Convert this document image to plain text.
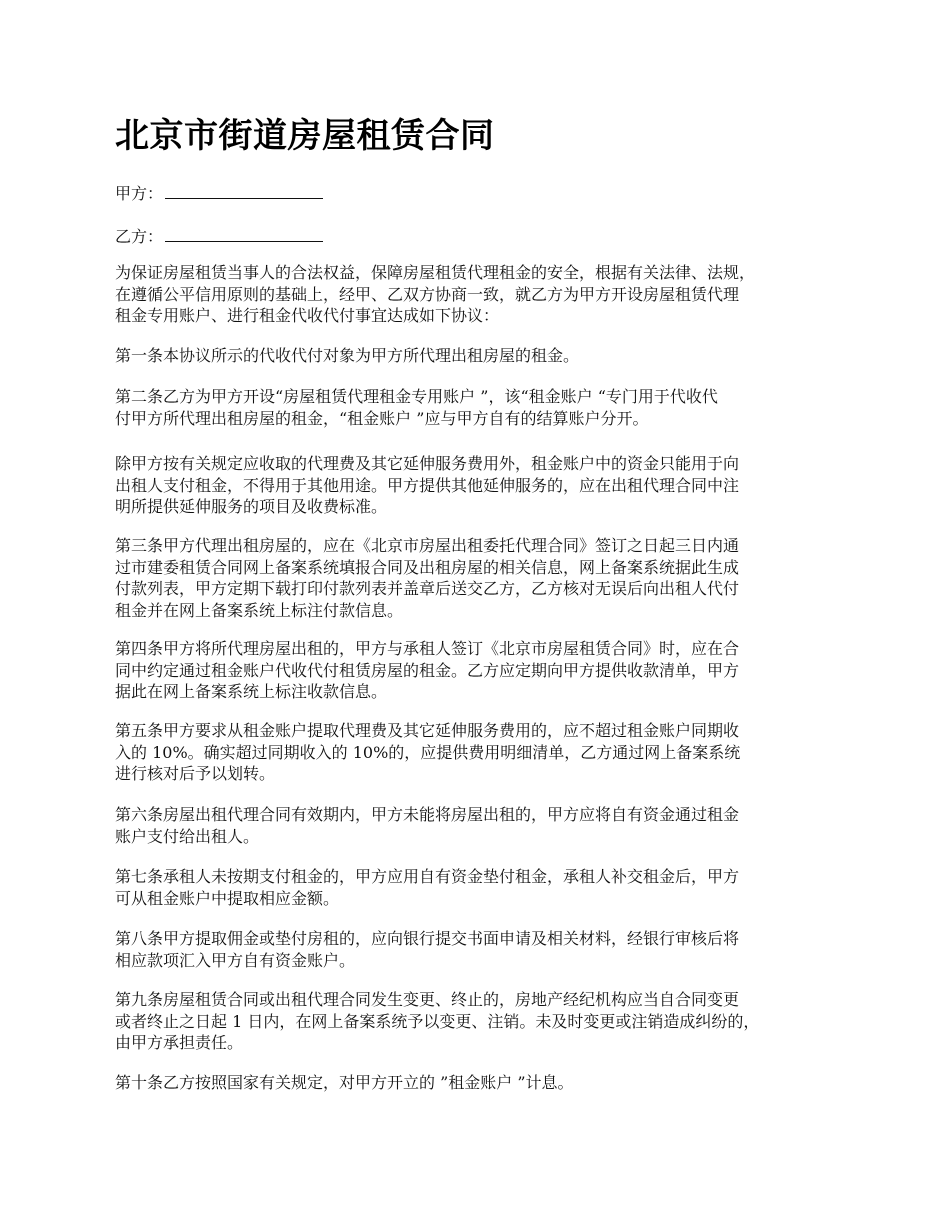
北京市街道房屋租赁合同
甲方：
乙方：
为保证房屋租赁当事人的合法权益，保障房屋租赁代理租金的安全，根据有关法律、法规，
在遵循公平信用原则的基础上，经甲、乙双方协商一致，就乙方为甲方开设房屋租赁代理
租金专用账户、进行租金代收代付事宜达成如下协议：
第一条本协议所示的代收代付对象为甲方所代理出租房屋的租金。
第二条乙方为甲方开设“房屋租赁代理租金专用账户 ”，该“租金账户 “专门用于代收代
付甲方所代理出租房屋的租金，“租金账户 ”应与甲方自有的结算账户分开。
除甲方按有关规定应收取的代理费及其它延伸服务费用外，租金账户中的资金只能用于向
出租人支付租金，不得用于其他用途。甲方提供其他延伸服务的，应在出租代理合同中注
明所提供延伸服务的项目及收费标准。
第三条甲方代理出租房屋的，应在《北京市房屋出租委托代理合同》签订之日起三日内通
过市建委租赁合同网上备案系统填报合同及出租房屋的相关信息，网上备案系统据此生成
付款列表，甲方定期下载打印付款列表并盖章后送交乙方，乙方核对无误后向出租人代付
租金并在网上备案系统上标注付款信息。
第四条甲方将所代理房屋出租的，甲方与承租人签订《北京市房屋租赁合同》时，应在合
同中约定通过租金账户代收代付租赁房屋的租金。乙方应定期向甲方提供收款清单，甲方
据此在网上备案系统上标注收款信息。
第五条甲方要求从租金账户提取代理费及其它延伸服务费用的，应不超过租金账户同期收
入的 10%。确实超过同期收入的 10%的，应提供费用明细清单，乙方通过网上备案系统
进行核对后予以划转。
第六条房屋出租代理合同有效期内，甲方未能将房屋出租的，甲方应将自有资金通过租金
账户支付给出租人。
第七条承租人未按期支付租金的，甲方应用自有资金垫付租金，承租人补交租金后，甲方
可从租金账户中提取相应金额。
第八条甲方提取佣金或垫付房租的，应向银行提交书面申请及相关材料，经银行审核后将
相应款项汇入甲方自有资金账户。
第九条房屋租赁合同或出租代理合同发生变更、终止的，房地产经纪机构应当自合同变更
或者终止之日起 1 日内，在网上备案系统予以变更、注销。未及时变更或注销造成纠纷的，
由甲方承担责任。
第十条乙方按照国家有关规定，对甲方开立的 ”租金账户 ”计息。
